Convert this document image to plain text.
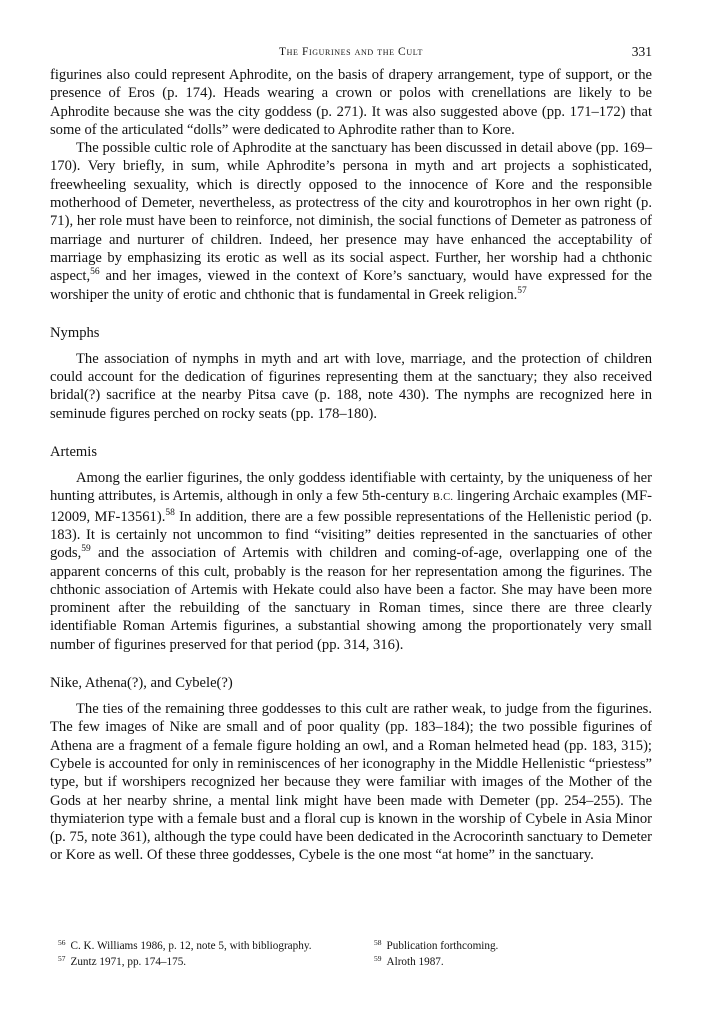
The Figurines and the Cult	331

figurines also could represent Aphrodite, on the basis of drapery arrangement, type of support, or the presence of Eros (p. 174). Heads wearing a crown or polos with crenellations are likely to be Aphrodite because she was the city goddess (p. 271). It was also suggested above (pp. 171–172) that some of the articulated “dolls” were dedicated to Aphrodite rather than to Kore.

The possible cultic role of Aphrodite at the sanctuary has been discussed in detail above (pp. 169–170). Very briefly, in sum, while Aphrodite’s persona in myth and art projects a sophisticated, freewheeling sexuality, which is directly opposed to the innocence of Kore and the responsible motherhood of Demeter, nevertheless, as protectress of the city and kourotrophos in her own right (p. 71), her role must have been to reinforce, not diminish, the social functions of Demeter as patroness of marriage and nurturer of children. Indeed, her presence may have enhanced the acceptability of marriage by emphasizing its erotic as well as its social aspect. Further, her worship had a chthonic aspect,$^{56}$ and her images, viewed in the context of Kore’s sanctuary, would have expressed for the worshiper the unity of erotic and chthonic that is fundamental in Greek religion.$^{57}$

Nymphs

The association of nymphs in myth and art with love, marriage, and the protection of children could account for the dedication of figurines representing them at the sanctuary; they also received bridal(?) sacrifice at the nearby Pitsa cave (p. 188, note 430). The nymphs are recognized here in seminude figures perched on rocky seats (pp. 178–180).

Artemis

Among the earlier figurines, the only goddess identifiable with certainty, by the uniqueness of her hunting attributes, is Artemis, although in only a few 5th-century B.C. lingering Archaic examples (MF-12009, MF-13561).$^{58}$ In addition, there are a few possible representations of the Hellenistic period (p. 183). It is certainly not uncommon to find “visiting” deities represented in the sanctuaries of other gods,$^{59}$ and the association of Artemis with children and coming-of-age, overlapping one of the apparent concerns of this cult, probably is the reason for her representation among the figurines. The chthonic association of Artemis with Hekate could also have been a factor. She may have been more prominent after the rebuilding of the sanctuary in Roman times, since there are three clearly identifiable Roman Artemis figurines, a substantial showing among the proportionately very small number of figurines preserved for that period (pp. 314, 316).

Nike, Athena(?), and Cybele(?)

The ties of the remaining three goddesses to this cult are rather weak, to judge from the figurines. The few images of Nike are small and of poor quality (pp. 183–184); the two possible figurines of Athena are a fragment of a female figure holding an owl, and a Roman helmeted head (pp. 183, 315); Cybele is accounted for only in reminiscences of her iconography in the Middle Hellenistic “priestess” type, but if worshipers recognized her because they were familiar with images of the Mother of the Gods at her nearby shrine, a mental link might have been made with Demeter (pp. 254–255). The thymiaterion type with a female bust and a floral cup is known in the worship of Cybele in Asia Minor (p. 75, note 361), although the type could have been dedicated in the Acrocorinth sanctuary to Demeter or Kore as well. Of these three goddesses, Cybele is the one most “at home” in the sanctuary.

$^{56}$ C. K. Williams 1986, p. 12, note 5, with bibliography.
$^{57}$ Zuntz 1971, pp. 174–175.
$^{58}$ Publication forthcoming.
$^{59}$ Alroth 1987.
